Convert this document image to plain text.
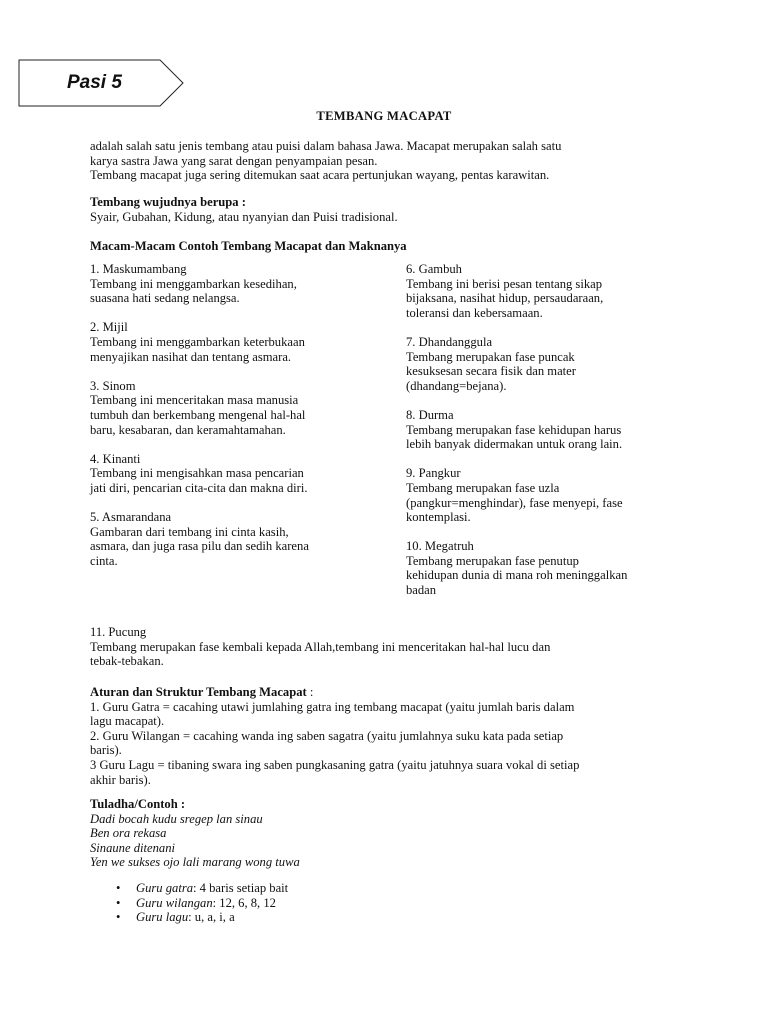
Pasi 5
TEMBANG MACAPAT
adalah salah satu jenis tembang atau puisi dalam bahasa Jawa. Macapat merupakan salah satu
karya sastra Jawa yang sarat dengan penyampaian pesan.
Tembang macapat juga sering ditemukan saat acara pertunjukan wayang, pentas karawitan.
Tembang wujudnya berupa :
Syair, Gubahan, Kidung, atau nyanyian dan Puisi tradisional.
Macam-Macam Contoh Tembang Macapat dan Maknanya
1. Maskumambang
Tembang ini menggambarkan kesedihan,
suasana hati sedang nelangsa.
2. Mijil
Tembang ini menggambarkan keterbukaan
menyajikan nasihat dan tentang asmara.
3. Sinom
Tembang ini menceritakan masa manusia
tumbuh dan berkembang mengenal hal-hal
baru, kesabaran, dan keramahtamahan.
4. Kinanti
Tembang ini mengisahkan masa pencarian
jati diri, pencarian cita-cita dan makna diri.
5. Asmarandana
Gambaran dari tembang ini cinta kasih,
asmara, dan juga rasa pilu dan sedih karena
cinta.
6. Gambuh
Tembang ini berisi pesan tentang sikap
bijaksana, nasihat hidup, persaudaraan,
toleransi dan kebersamaan.
7. Dhandanggula
Tembang merupakan fase puncak
kesuksesan secara fisik dan mater
(dhandang=bejana).
8. Durma
Tembang merupakan fase kehidupan harus
lebih banyak didermakan untuk orang lain.
9. Pangkur
Tembang merupakan fase uzla
(pangkur=menghindar), fase menyepi, fase
kontemplasi.
10. Megatruh
Tembang merupakan fase penutup
kehidupan dunia di mana roh meninggalkan
badan
11. Pucung
Tembang merupakan fase kembali kepada Allah,tembang ini menceritakan hal-hal lucu dan
tebak-tebakan.
Aturan dan Struktur Tembang Macapat :
1. Guru Gatra = cacahing utawi jumlahing gatra ing tembang macapat (yaitu jumlah baris dalam
lagu macapat).
2. Guru Wilangan = cacahing wanda ing saben sagatra (yaitu jumlahnya suku kata pada setiap
baris).
3 Guru Lagu = tibaning swara ing saben pungkasaning gatra (yaitu jatuhnya suara vokal di setiap
akhir baris).
Tuladha/Contoh :
Dadi bocah kudu sregep lan sinau
Ben ora rekasa
Sinaune ditenani
Yen we sukses ojo lali marang wong tuwa
• Guru gatra: 4 baris setiap bait
• Guru wilangan: 12, 6, 8, 12
• Guru lagu: u, a, i, a
